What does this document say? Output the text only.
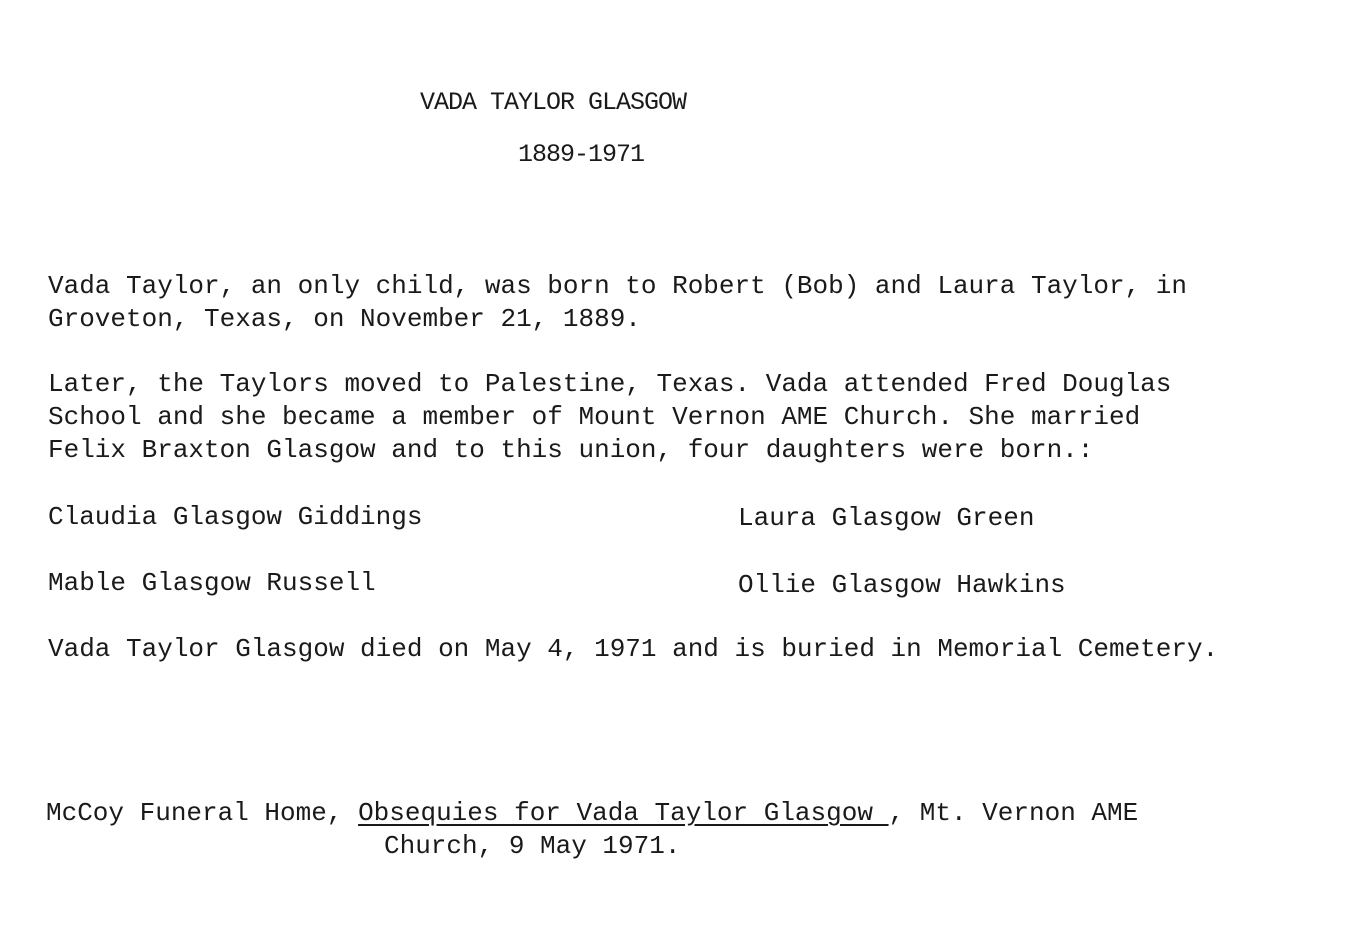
VADA TAYLOR GLASGOW
1889-1971
Vada Taylor, an only child, was born to Robert (Bob) and Laura Taylor, in
Groveton, Texas, on November 21, 1889.
Later, the Taylors moved to Palestine, Texas. Vada attended Fred Douglas
School and she became a member of Mount Vernon AME Church. She married
Felix Braxton Glasgow and to this union, four daughters were born.:
Claudia Glasgow Giddings	Laura Glasgow Green
Mable Glasgow Russell	Ollie Glasgow Hawkins
Vada Taylor Glasgow died on May 4, 1971 and is buried in Memorial Cemetery.
McCoy Funeral Home, Obsequies for Vada Taylor Glasgow , Mt. Vernon AME
Church, 9 May 1971.
